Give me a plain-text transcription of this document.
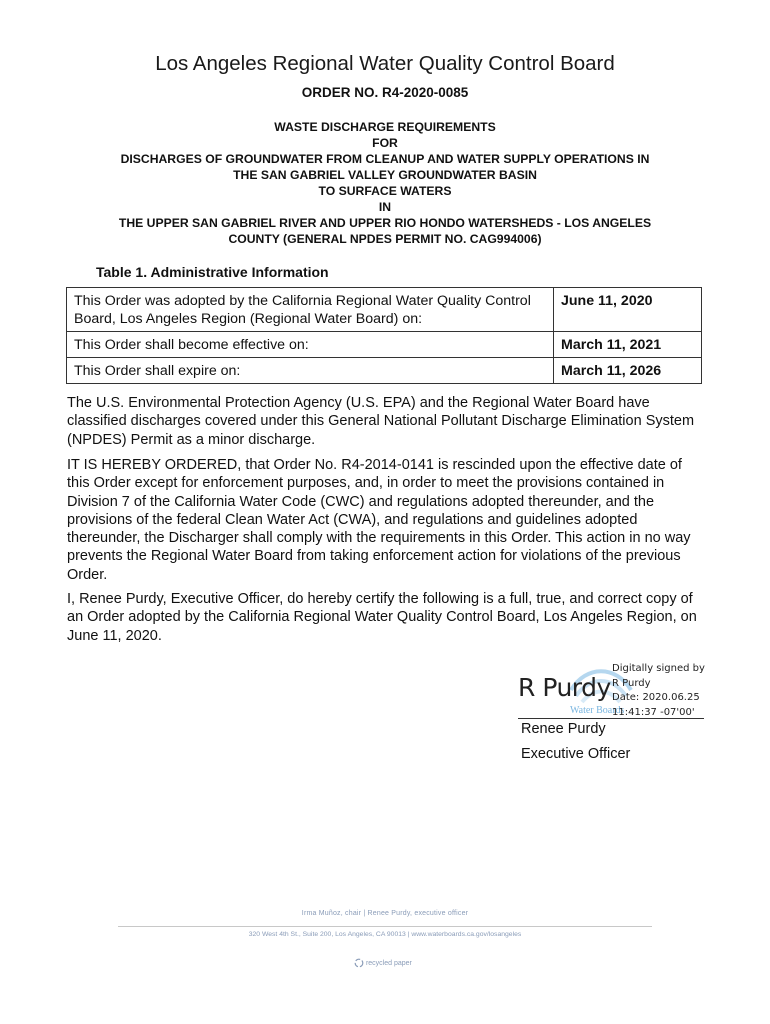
Los Angeles Regional Water Quality Control Board
ORDER NO. R4-2020-0085
WASTE DISCHARGE REQUIREMENTS
FOR
DISCHARGES OF GROUNDWATER FROM CLEANUP AND WATER SUPPLY OPERATIONS IN
THE SAN GABRIEL VALLEY GROUNDWATER BASIN
TO SURFACE WATERS
IN
THE UPPER SAN GABRIEL RIVER AND UPPER RIO HONDO WATERSHEDS - LOS ANGELES
COUNTY (GENERAL NPDES PERMIT NO. CAG994006)
Table 1. Administrative Information
This Order was adopted by the California Regional Water Quality Control Board, Los Angeles Region (Regional Water Board) on:	June 11, 2020
This Order shall become effective on:	March 11, 2021
This Order shall expire on:	March 11, 2026
The U.S. Environmental Protection Agency (U.S. EPA) and the Regional Water Board have classified discharges covered under this General National Pollutant Discharge Elimination System (NPDES) Permit as a minor discharge.
IT IS HEREBY ORDERED, that Order No. R4-2014-0141 is rescinded upon the effective date of this Order except for enforcement purposes, and, in order to meet the provisions contained in Division 7 of the California Water Code (CWC) and regulations adopted thereunder, and the provisions of the federal Clean Water Act (CWA), and regulations and guidelines adopted thereunder, the Discharger shall comply with the requirements in this Order. This action in no way prevents the Regional Water Board from taking enforcement action for violations of the previous Order.
I, Renee Purdy, Executive Officer, do hereby certify the following is a full, true, and correct copy of an Order adopted by the California Regional Water Quality Control Board, Los Angeles Region, on June 11, 2020.
Water Boards
R Purdy
Digitally signed by
R Purdy
Date: 2020.06.25
11:41:37 -07'00'
Renee Purdy
Executive Officer
Irma Muñoz, chair | Renee Purdy, executive officer
320 West 4th St., Suite 200, Los Angeles, CA 90013 | www.waterboards.ca.gov/losangeles
recycled paper
